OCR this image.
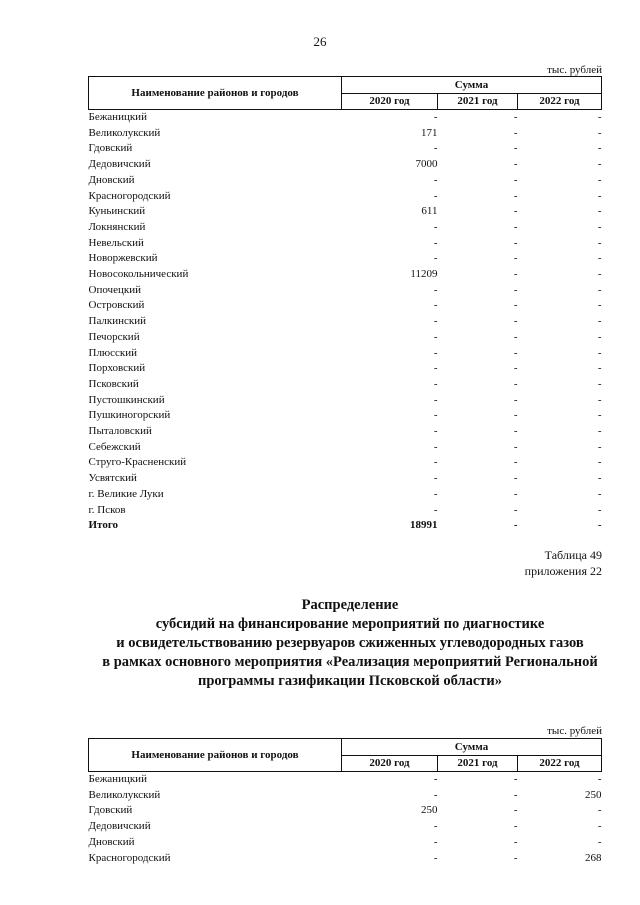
26
тыс. рублей
Наименование районов и городов	Сумма		
	2020 год	2021 год	2022 год
Бежаницкий	-	-	-
Великолукский	171	-	-
Гдовский	-	-	-
Дедовичский	7000	-	-
Дновский	-	-	-
Красногородский	-	-	-
Куньинский	611	-	-
Локнянский	-	-	-
Невельский	-	-	-
Новоржевский	-	-	-
Новосокольнический	11209	-	-
Опочецкий	-	-	-
Островский	-	-	-
Палкинский	-	-	-
Печорский	-	-	-
Плюсский	-	-	-
Порховский	-	-	-
Псковский	-	-	-
Пустошкинский	-	-	-
Пушкиногорский	-	-	-
Пыталовский	-	-	-
Себежский	-	-	-
Струго-Красненский	-	-	-
Усвятский	-	-	-
г. Великие Луки	-	-	-
г. Псков	-	-	-
Итого	18991	-	-
Таблица 49
приложения 22
Распределение
субсидий на финансирование мероприятий по диагностике
и освидетельствованию резервуаров сжиженных углеводородных газов
в рамках основного мероприятия «Реализация мероприятий Региональной
программы газификации Псковской области»
тыс. рублей
Наименование районов и городов	Сумма		
	2020 год	2021 год	2022 год
Бежаницкий	-	-	-
Великолукский	-	-	250
Гдовский	250	-	-
Дедовичский	-	-	-
Дновский	-	-	-
Красногородский	-	-	268
